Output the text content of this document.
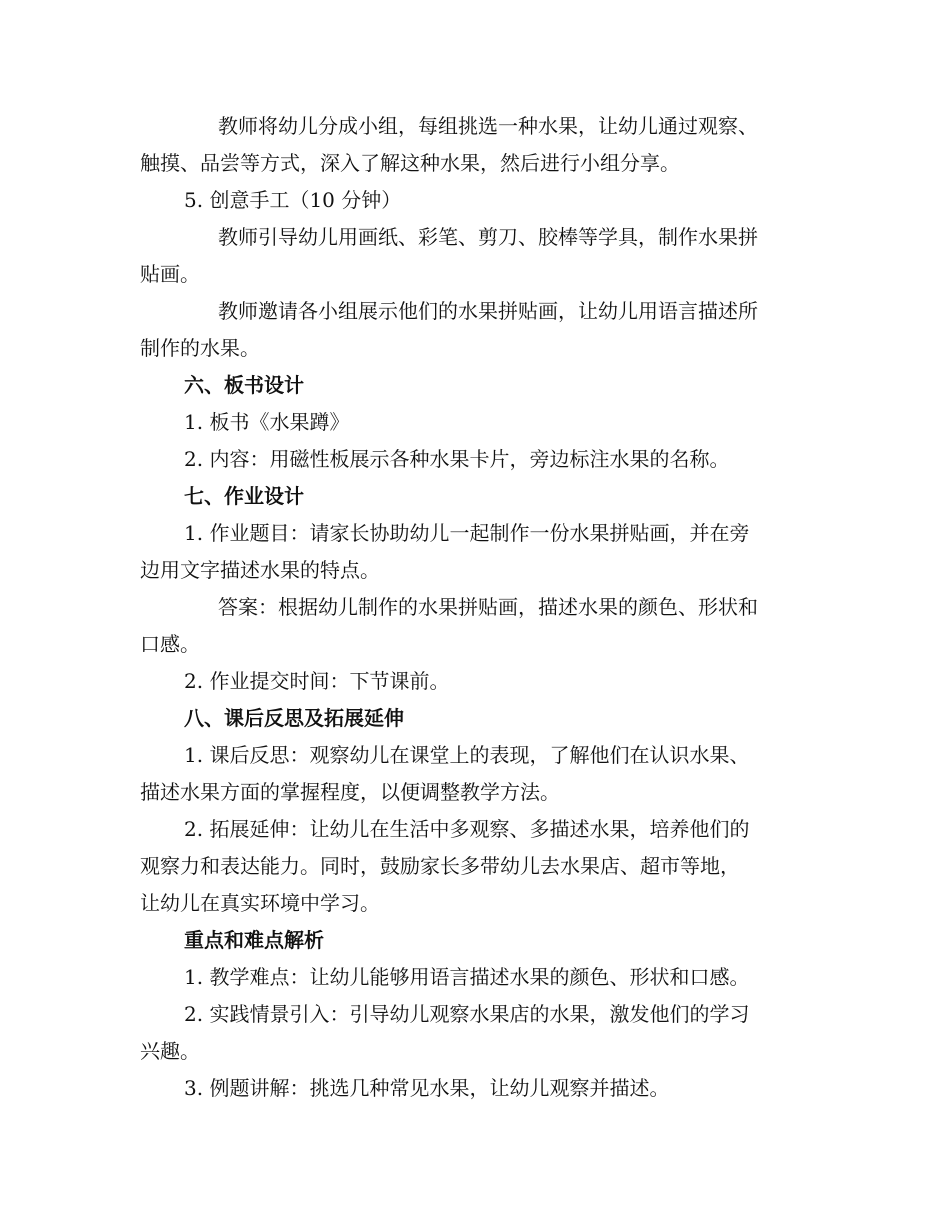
教师将幼儿分成小组，每组挑选一种水果，让幼儿通过观察、
触摸、品尝等方式，深入了解这种水果，然后进行小组分享。
5. 创意手工（10 分钟）
教师引导幼儿用画纸、彩笔、剪刀、胶棒等学具，制作水果拼
贴画。
教师邀请各小组展示他们的水果拼贴画，让幼儿用语言描述所
制作的水果。
六、板书设计
1. 板书《水果蹲》
2. 内容：用磁性板展示各种水果卡片，旁边标注水果的名称。
七、作业设计
1. 作业题目：请家长协助幼儿一起制作一份水果拼贴画，并在旁
边用文字描述水果的特点。
答案：根据幼儿制作的水果拼贴画，描述水果的颜色、形状和
口感。
2. 作业提交时间：下节课前。
八、课后反思及拓展延伸
1. 课后反思：观察幼儿在课堂上的表现，了解他们在认识水果、
描述水果方面的掌握程度，以便调整教学方法。
2. 拓展延伸：让幼儿在生活中多观察、多描述水果，培养他们的
观察力和表达能力。同时，鼓励家长多带幼儿去水果店、超市等地，
让幼儿在真实环境中学习。
重点和难点解析
1. 教学难点：让幼儿能够用语言描述水果的颜色、形状和口感。
2. 实践情景引入：引导幼儿观察水果店的水果，激发他们的学习
兴趣。
3. 例题讲解：挑选几种常见水果，让幼儿观察并描述。
